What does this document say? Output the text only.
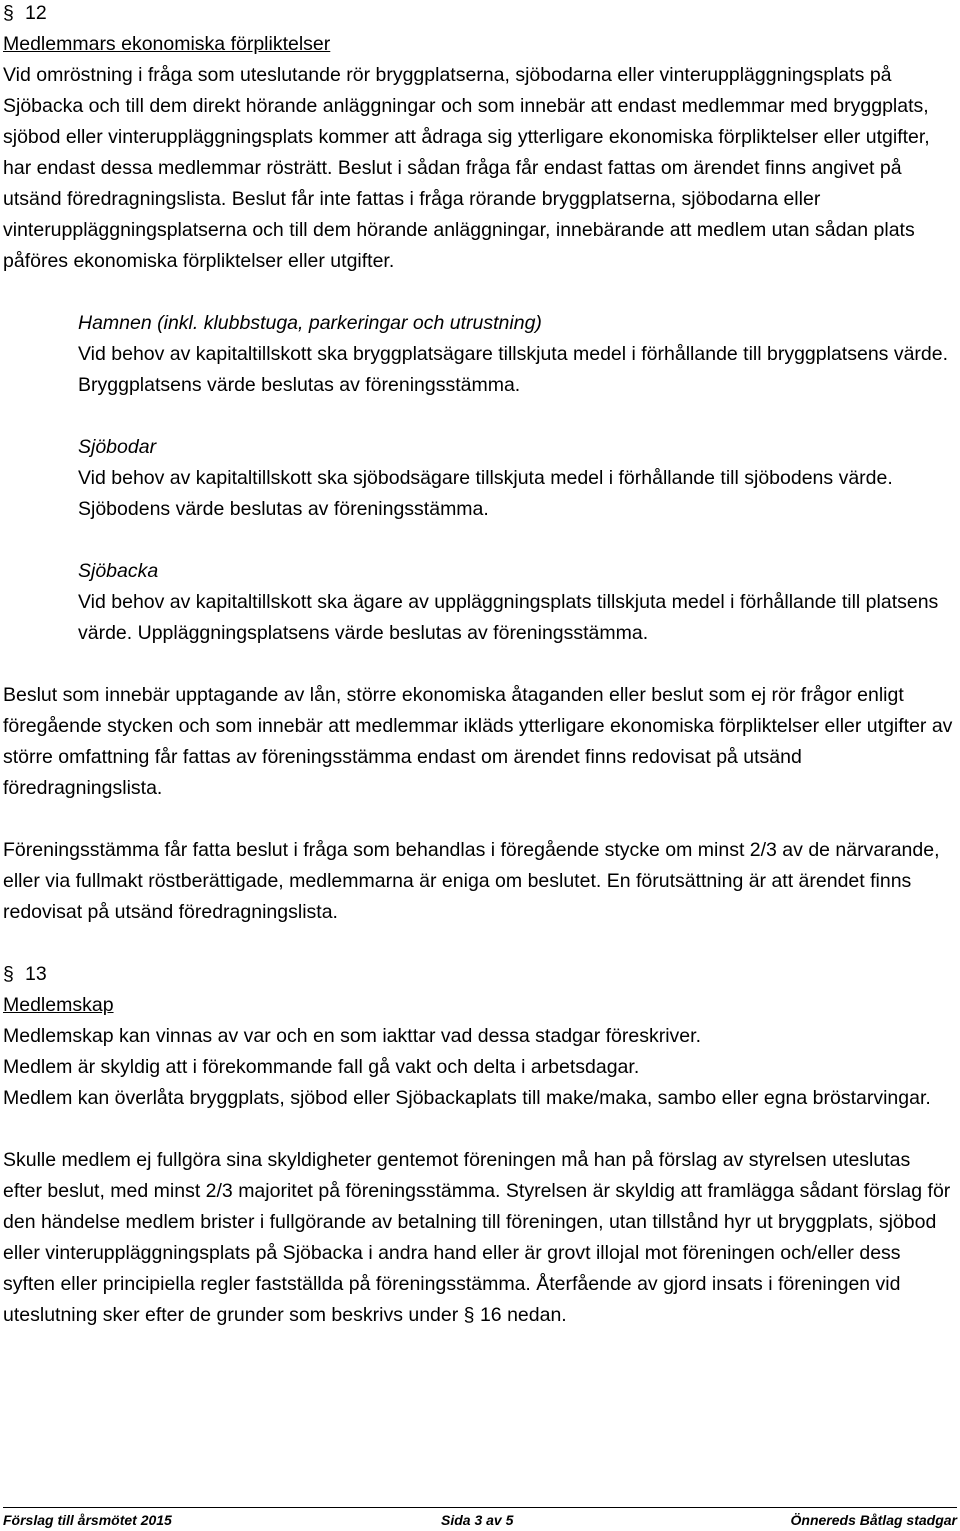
§ 12

Medlemmars ekonomiska förpliktelser

Vid omröstning i fråga som uteslutande rör bryggplatserna, sjöbodarna eller vinteruppläggningsplats på Sjöbacka och till dem direkt hörande anläggningar och som innebär att endast medlemmar med bryggplats, sjöbod eller vinteruppläggningsplats kommer att ådraga sig ytterligare ekonomiska förpliktelser eller utgifter, har endast dessa medlemmar rösträtt. Beslut i sådan fråga får endast fattas om ärendet finns angivet på utsänd föredragningslista. Beslut får inte fattas i fråga rörande bryggplatserna, sjöbodarna eller vinteruppläggningsplatserna och till dem hörande anläggningar, innebärande att medlem utan sådan plats påföres ekonomiska förpliktelser eller utgifter.

Hamnen (inkl. klubbstuga, parkeringar och utrustning)

Vid behov av kapitaltillskott ska bryggplatsägare tillskjuta medel i förhållande till bryggplatsens värde. Bryggplatsens värde beslutas av föreningsstämma.

Sjöbodar

Vid behov av kapitaltillskott ska sjöbodsägare tillskjuta medel i förhållande till sjöbodens värde. Sjöbodens värde beslutas av föreningsstämma.

Sjöbacka

Vid behov av kapitaltillskott ska ägare av uppläggningsplats tillskjuta medel i förhållande till platsens värde. Uppläggningsplatsens värde beslutas av föreningsstämma.

Beslut som innebär upptagande av lån, större ekonomiska åtaganden eller beslut som ej rör frågor enligt föregående stycken och som innebär att medlemmar ikläds ytterligare ekonomiska förpliktelser eller utgifter av större omfattning får fattas av föreningsstämma endast om ärendet finns redovisat på utsänd föredragningslista.

Föreningsstämma får fatta beslut i fråga som behandlas i föregående stycke om minst 2/3 av de närvarande, eller via fullmakt röstberättigade, medlemmarna är eniga om beslutet. En förutsättning är att ärendet finns redovisat på utsänd föredragningslista.

§ 13

Medlemskap

Medlemskap kan vinnas av var och en som iakttar vad dessa stadgar föreskriver.

Medlem är skyldig att i förekommande fall gå vakt och delta i arbetsdagar.

Medlem kan överlåta bryggplats, sjöbod eller Sjöbackaplats till make/maka, sambo eller egna bröstarvingar.

Skulle medlem ej fullgöra sina skyldigheter gentemot föreningen må han på förslag av styrelsen uteslutas efter beslut, med minst 2/3 majoritet på föreningsstämma. Styrelsen är skyldig att framlägga sådant förslag för den händelse medlem brister i fullgörande av betalning till föreningen, utan tillstånd hyr ut bryggplats, sjöbod eller vinteruppläggningsplats på Sjöbacka i andra hand eller är grovt illojal mot föreningen och/eller dess syften eller principiella regler fastställda på föreningsstämma. Återfående av gjord insats i föreningen vid uteslutning sker efter de grunder som beskrivs under § 16 nedan.

Förslag till årsmötet 2015	Sida 3 av 5	Önnereds Båtlag stadgar
